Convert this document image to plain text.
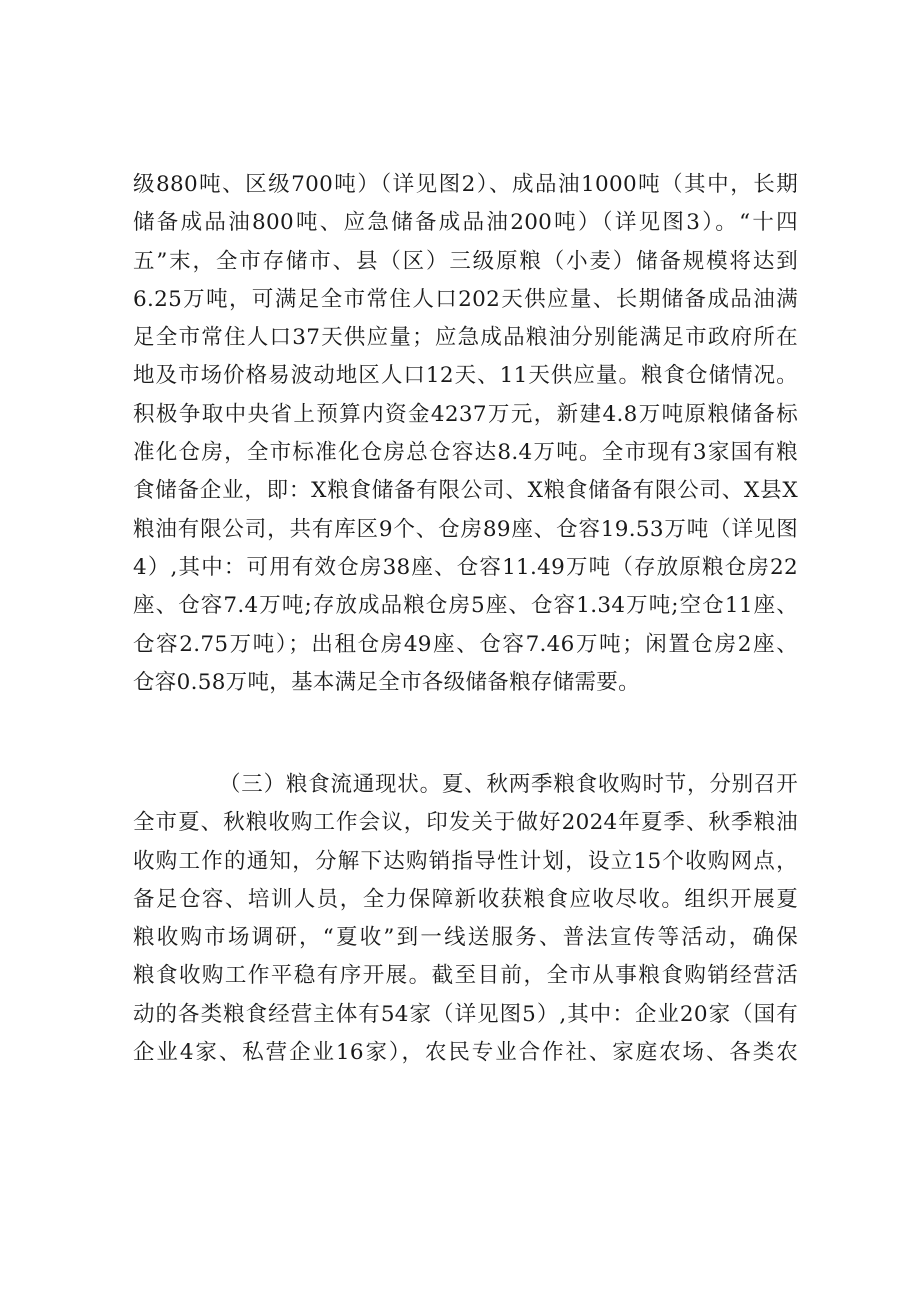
级880吨、区级700吨）（详见图2）、成品油1000吨（其中，长期
储备成品油800吨、应急储备成品油200吨）（详见图3）。“十四
五”末，全市存储市、县（区）三级原粮（小麦）储备规模将达到
6.25万吨，可满足全市常住人口202天供应量、长期储备成品油满
足全市常住人口37天供应量；应急成品粮油分别能满足市政府所在
地及市场价格易波动地区人口12天、11天供应量。粮食仓储情况。
积极争取中央省上预算内资金4237万元，新建4.8万吨原粮储备标
准化仓房，全市标准化仓房总仓容达8.4万吨。全市现有3家国有粮
食储备企业，即：X粮食储备有限公司、X粮食储备有限公司、X县X
粮油有限公司，共有库区9个、仓房89座、仓容19.53万吨（详见图
4）,其中：可用有效仓房38座、仓容11.49万吨（存放原粮仓房22
座、仓容7.4万吨;存放成品粮仓房5座、仓容1.34万吨;空仓11座、
仓容2.75万吨）；出租仓房49座、仓容7.46万吨；闲置仓房2座、
仓容0.58万吨，基本满足全市各级储备粮存储需要。
（三）粮食流通现状。夏、秋两季粮食收购时节，分别召开
全市夏、秋粮收购工作会议，印发关于做好2024年夏季、秋季粮油
收购工作的通知，分解下达购销指导性计划，设立15个收购网点，
备足仓容、培训人员，全力保障新收获粮食应收尽收。组织开展夏
粮收购市场调研，“夏收”到一线送服务、普法宣传等活动，确保
粮食收购工作平稳有序开展。截至目前，全市从事粮食购销经营活
动的各类粮食经营主体有54家（详见图5）,其中：企业20家（国有
企业4家、私营企业16家），农民专业合作社、家庭农场、各类农
